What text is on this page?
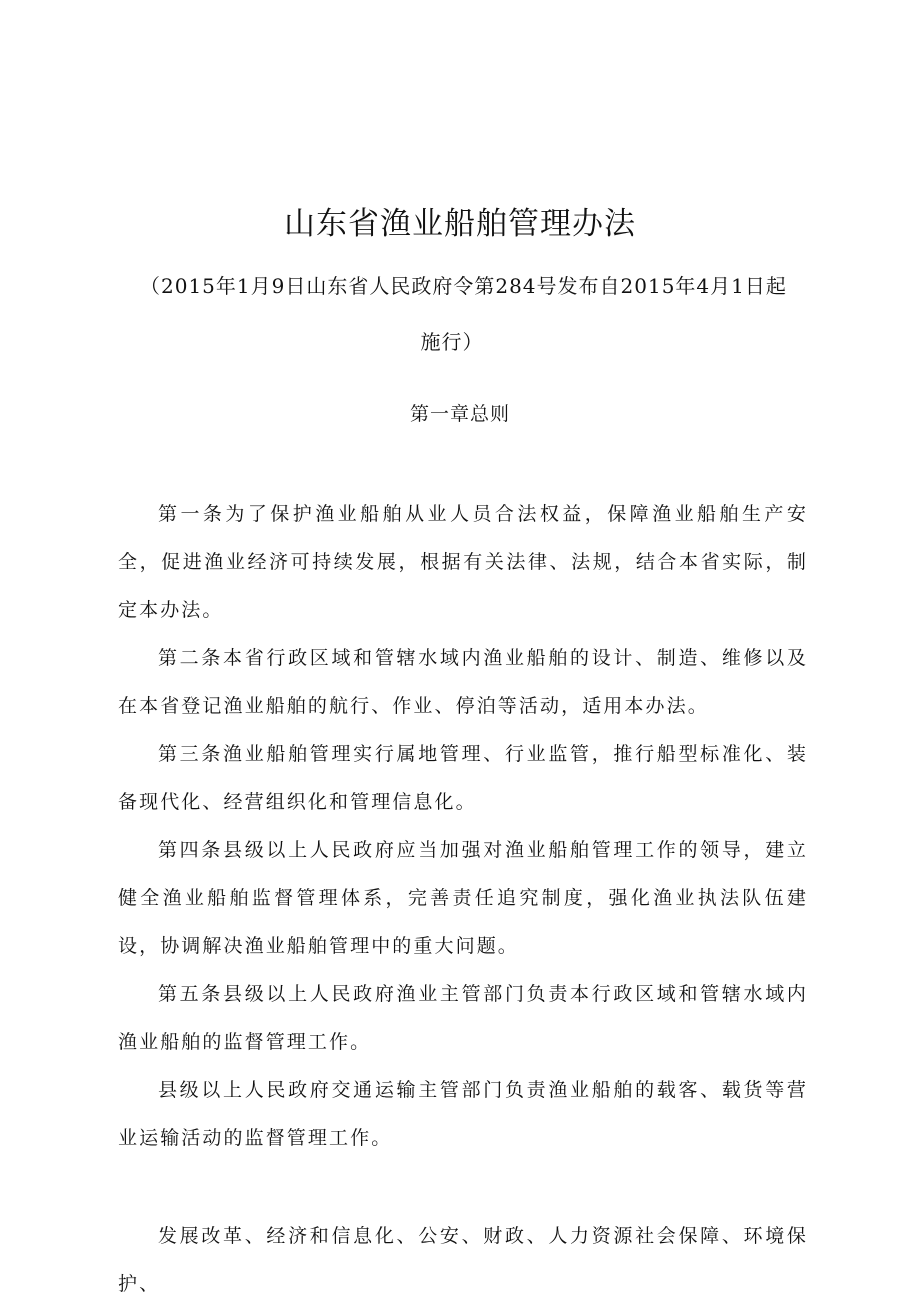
山东省渔业船舶管理办法
（2015年1月9日山东省人民政府令第284号发布自2015年4月1日起
施行）
第一章总则

第一条为了保护渔业船舶从业人员合法权益，保障渔业船舶生产安全，促进渔业经济可持续发展，根据有关法律、法规，结合本省实际，制定本办法。

第二条本省行政区域和管辖水域内渔业船舶的设计、制造、维修以及在本省登记渔业船舶的航行、作业、停泊等活动，适用本办法。

第三条渔业船舶管理实行属地管理、行业监管，推行船型标准化、装备现代化、经营组织化和管理信息化。

第四条县级以上人民政府应当加强对渔业船舶管理工作的领导，建立健全渔业船舶监督管理体系，完善责任追究制度，强化渔业执法队伍建设，协调解决渔业船舶管理中的重大问题。

第五条县级以上人民政府渔业主管部门负责本行政区域和管辖水域内渔业船舶的监督管理工作。

县级以上人民政府交通运输主管部门负责渔业船舶的载客、载货等营业运输活动的监督管理工作。

发展改革、经济和信息化、公安、财政、人力资源社会保障、环境保护、
